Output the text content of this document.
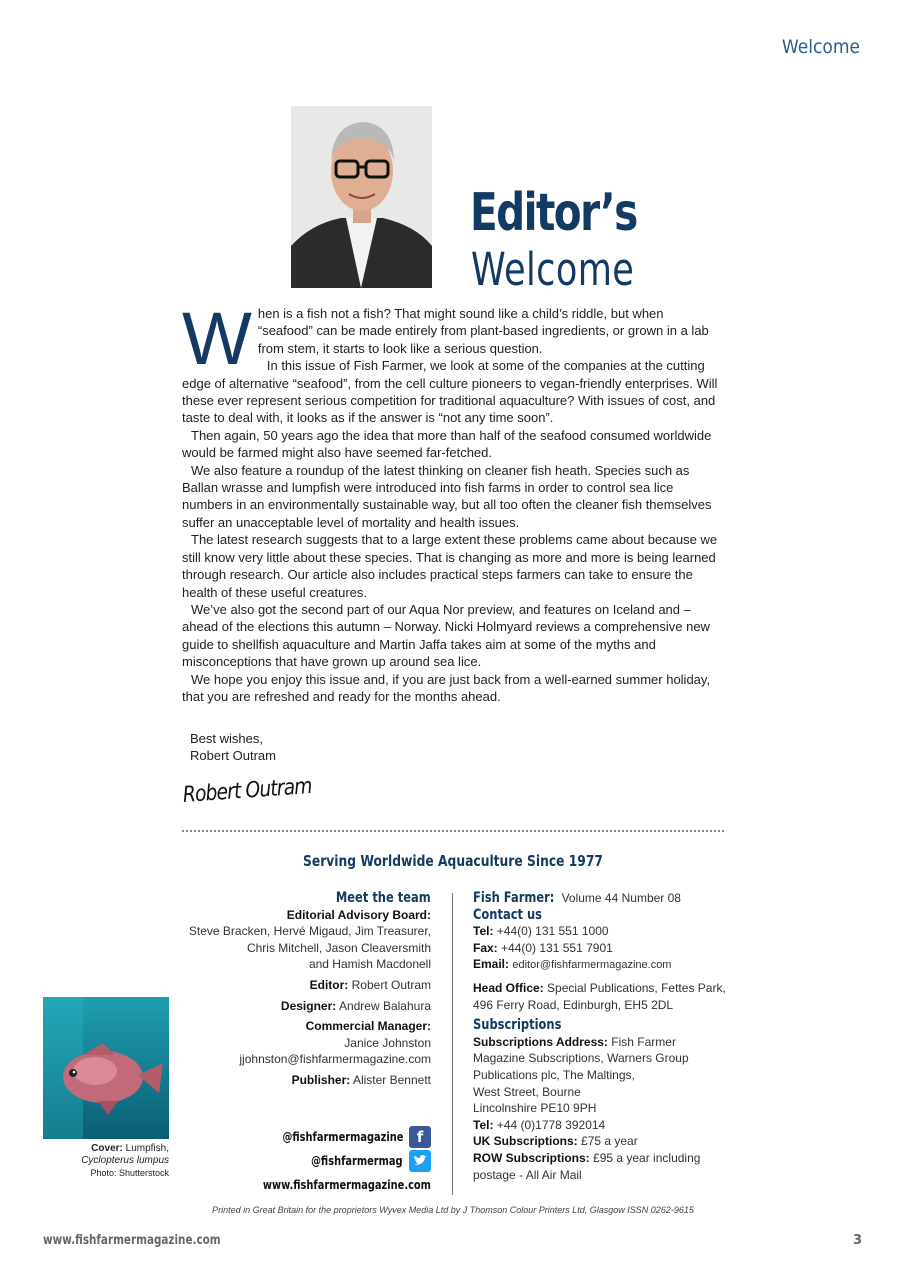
Welcome
Editor’s
Welcome

When is a fish not a fish? That might sound like a child’s riddle, but when “seafood” can be made entirely from plant-based ingredients, or grown in a lab from stem, it starts to look like a serious question.

In this issue of Fish Farmer, we look at some of the companies at the cutting edge of alternative “seafood”, from the cell culture pioneers to vegan-friendly enterprises. Will these ever represent serious competition for traditional aquaculture? With issues of cost, and taste to deal with, it looks as if the answer is “not any time soon”.

Then again, 50 years ago the idea that more than half of the seafood consumed worldwide would be farmed might also have seemed far-fetched.

We also feature a roundup of the latest thinking on cleaner fish heath. Species such as Ballan wrasse and lumpfish were introduced into fish farms in order to control sea lice numbers in an environmentally sustainable way, but all too often the cleaner fish themselves suffer an unacceptable level of mortality and health issues.

The latest research suggests that to a large extent these problems came about because we still know very little about these species. That is changing as more and more is being learned through research. Our article also includes practical steps farmers can take to ensure the health of these useful creatures.

We’ve also got the second part of our Aqua Nor preview, and features on Iceland and – ahead of the elections this autumn – Norway. Nicki Holmyard reviews a comprehensive new guide to shellfish aquaculture and Martin Jaffa takes aim at some of the myths and misconceptions that have grown up around sea lice.

We hope you enjoy this issue and, if you are just back from a well-earned summer holiday, that you are refreshed and ready for the months ahead.

Best wishes,
Robert Outram
Robert Outram
Serving Worldwide Aquaculture Since 1977
Meet the team
Editorial Advisory Board:
Steve Bracken, Hervé Migaud, Jim Treasurer,
Chris Mitchell, Jason Cleaversmith
and Hamish Macdonell
Editor: Robert Outram
Designer: Andrew Balahura
Commercial Manager:
Janice Johnston
jjohnston@fishfarmermagazine.com
Publisher: Alister Bennett
@fishfarmermagazine f
@fishfarmermag
www.fishfarmermagazine.com
Fish Farmer: Volume 44 Number 08
Contact us
Tel: +44(0) 131 551 1000
Fax: +44(0) 131 551 7901
Email: editor@fishfarmermagazine.com
Head Office: Special Publications, Fettes Park,
496 Ferry Road, Edinburgh, EH5 2DL
Subscriptions
Subscriptions Address: Fish Farmer
Magazine Subscriptions, Warners Group
Publications plc, The Maltings,
West Street, Bourne
Lincolnshire PE10 9PH
Tel: +44 (0)1778 392014
UK Subscriptions: £75 a year
ROW Subscriptions: £95 a year including
postage - All Air Mail
Cover: Lumpfish,
Cyclopterus lumpus
Photo: Shutterstock
Printed in Great Britain for the proprietors Wyvex Media Ltd by J Thomson Colour Printers Ltd, Glasgow ISSN 0262-9615
www.fishfarmermagazine.com	3
